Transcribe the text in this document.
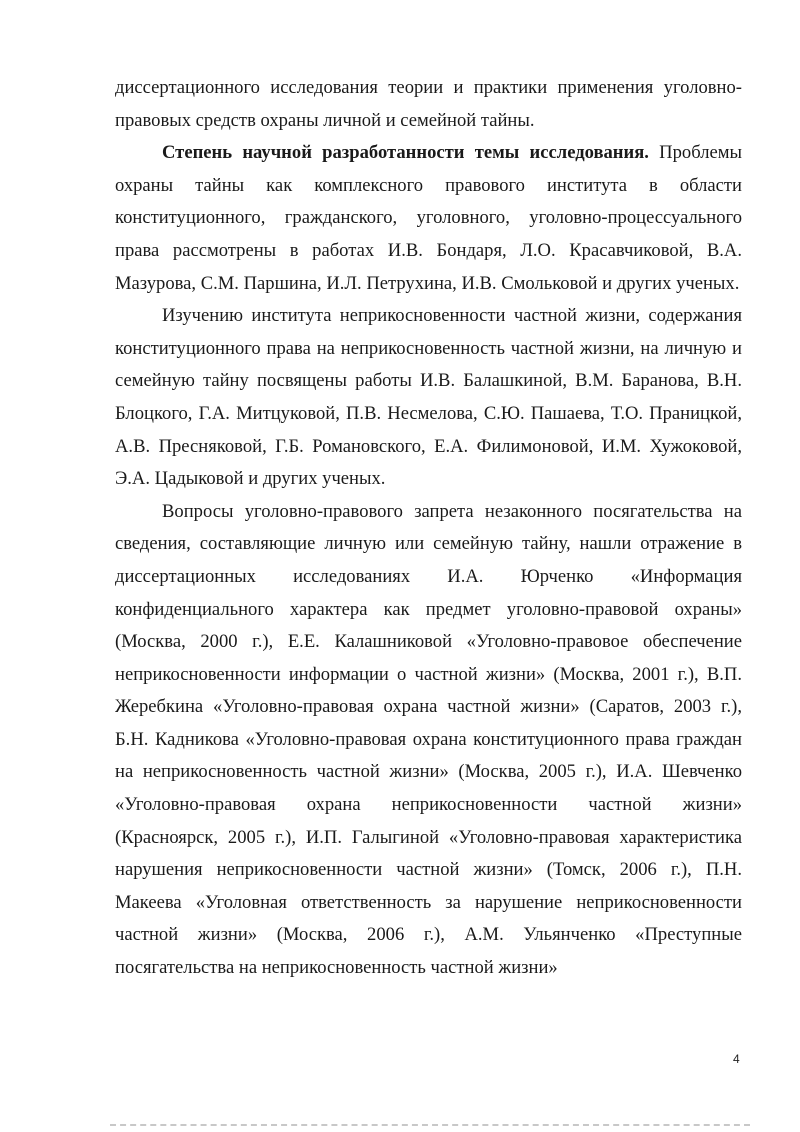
диссертационного исследования теории и практики применения уголовно-правовых средств охраны личной и семейной тайны.

Степень научной разработанности темы исследования. Проблемы охраны тайны как комплексного правового института в области конституционного, гражданского, уголовного, уголовно-процессуального права рассмотрены в работах И.В. Бондаря, Л.О. Красавчиковой, В.А. Мазурова, С.М. Паршина, И.Л. Петрухина, И.В. Смольковой и других ученых.

Изучению института неприкосновенности частной жизни, содержания конституционного права на неприкосновенность частной жизни, на личную и семейную тайну посвящены работы И.В. Балашкиной, В.М. Баранова, В.Н. Блоцкого, Г.А. Митцуковой, П.В. Несмелова, С.Ю. Пашаева, Т.О. Праницкой, А.В. Пресняковой, Г.Б. Романовского, Е.А. Филимоновой, И.М. Хужоковой, Э.А. Цадыковой и других ученых.

Вопросы уголовно-правового запрета незаконного посягательства на сведения, составляющие личную или семейную тайну, нашли отражение в диссертационных исследованиях И.А. Юрченко «Информация конфиденциального характера как предмет уголовно-правовой охраны» (Москва, 2000 г.), Е.Е. Калашниковой «Уголовно-правовое обеспечение неприкосновенности информации о частной жизни» (Москва, 2001 г.), В.П. Жеребкина «Уголовно-правовая охрана частной жизни» (Саратов, 2003 г.), Б.Н. Кадникова «Уголовно-правовая охрана конституционного права граждан на неприкосновенность частной жизни» (Москва, 2005 г.), И.А. Шевченко «Уголовно-правовая охрана неприкосновенности частной жизни» (Красноярск, 2005 г.), И.П. Галыгиной «Уголовно-правовая характеристика нарушения неприкосновенности частной жизни» (Томск, 2006 г.), П.Н. Макеева «Уголовная ответственность за нарушение неприкосновенности частной жизни» (Москва, 2006 г.), А.М. Ульянченко «Преступные посягательства на неприкосновенность частной жизни»

4
